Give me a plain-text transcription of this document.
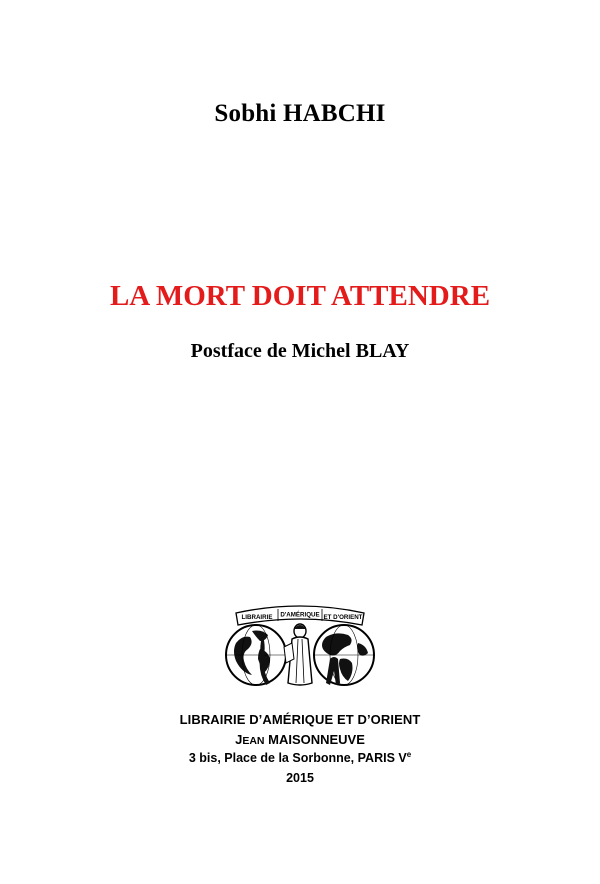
Sobhi HABCHI
LA MORT DOIT ATTENDRE
Postface de Michel BLAY
LIBRAIRIE D'AMÉRIQUE ET D'ORIENT
LIBRAIRIE D’AMÉRIQUE ET D’ORIENT
JEAN MAISONNEUVE
3 bis, Place de la Sorbonne, PARIS Ve
2015
